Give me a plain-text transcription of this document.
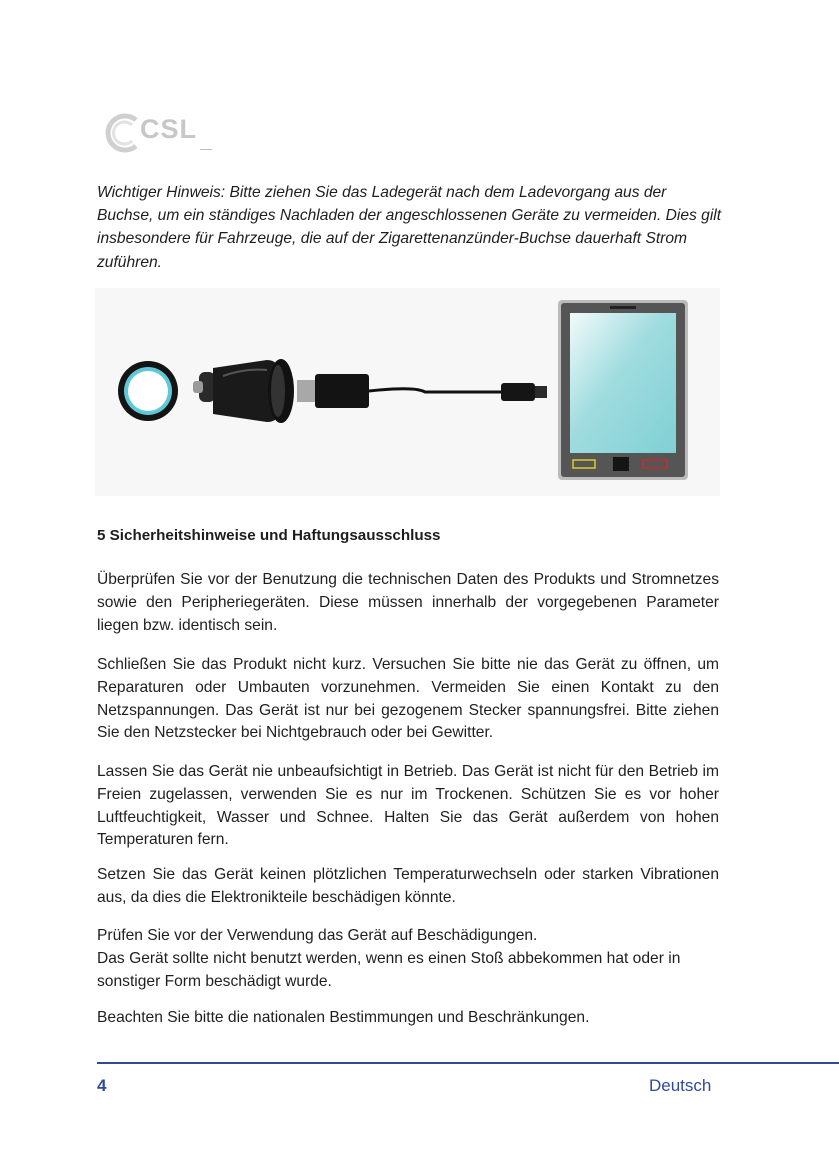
CSL

Wichtiger Hinweis: Bitte ziehen Sie das Ladegerät nach dem Ladevorgang aus der Buchse, um ein ständiges Nachladen der angeschlossenen Geräte zu vermeiden. Dies gilt insbesondere für Fahrzeuge, die auf der Zigarettenanzünder-Buchse dauerhaft Strom zuführen.

5 Sicherheitshinweise und Haftungsausschluss

Überprüfen Sie vor der Benutzung die technischen Daten des Produkts und Stromnetzes sowie den Peripheriegeräten. Diese müssen innerhalb der vorgegebenen Parameter liegen bzw. identisch sein.

Schließen Sie das Produkt nicht kurz. Versuchen Sie bitte nie das Gerät zu öffnen, um Reparaturen oder Umbauten vorzunehmen. Vermeiden Sie einen Kontakt zu den Netzspannungen. Das Gerät ist nur bei gezogenem Stecker spannungsfrei. Bitte ziehen Sie den Netzstecker bei Nichtgebrauch oder bei Gewitter.

Lassen Sie das Gerät nie unbeaufsichtigt in Betrieb. Das Gerät ist nicht für den Betrieb im Freien zugelassen, verwenden Sie es nur im Trockenen. Schützen Sie es vor hoher Luftfeuchtigkeit, Wasser und Schnee. Halten Sie das Gerät außerdem von hohen Temperaturen fern.

Setzen Sie das Gerät keinen plötzlichen Temperaturwechseln oder starken Vibrationen aus, da dies die Elektronikteile beschädigen könnte.

Prüfen Sie vor der Verwendung das Gerät auf Beschädigungen.
Das Gerät sollte nicht benutzt werden, wenn es einen Stoß abbekommen hat oder in sonstiger Form beschädigt wurde.

Beachten Sie bitte die nationalen Bestimmungen und Beschränkungen.

4	Deutsch
